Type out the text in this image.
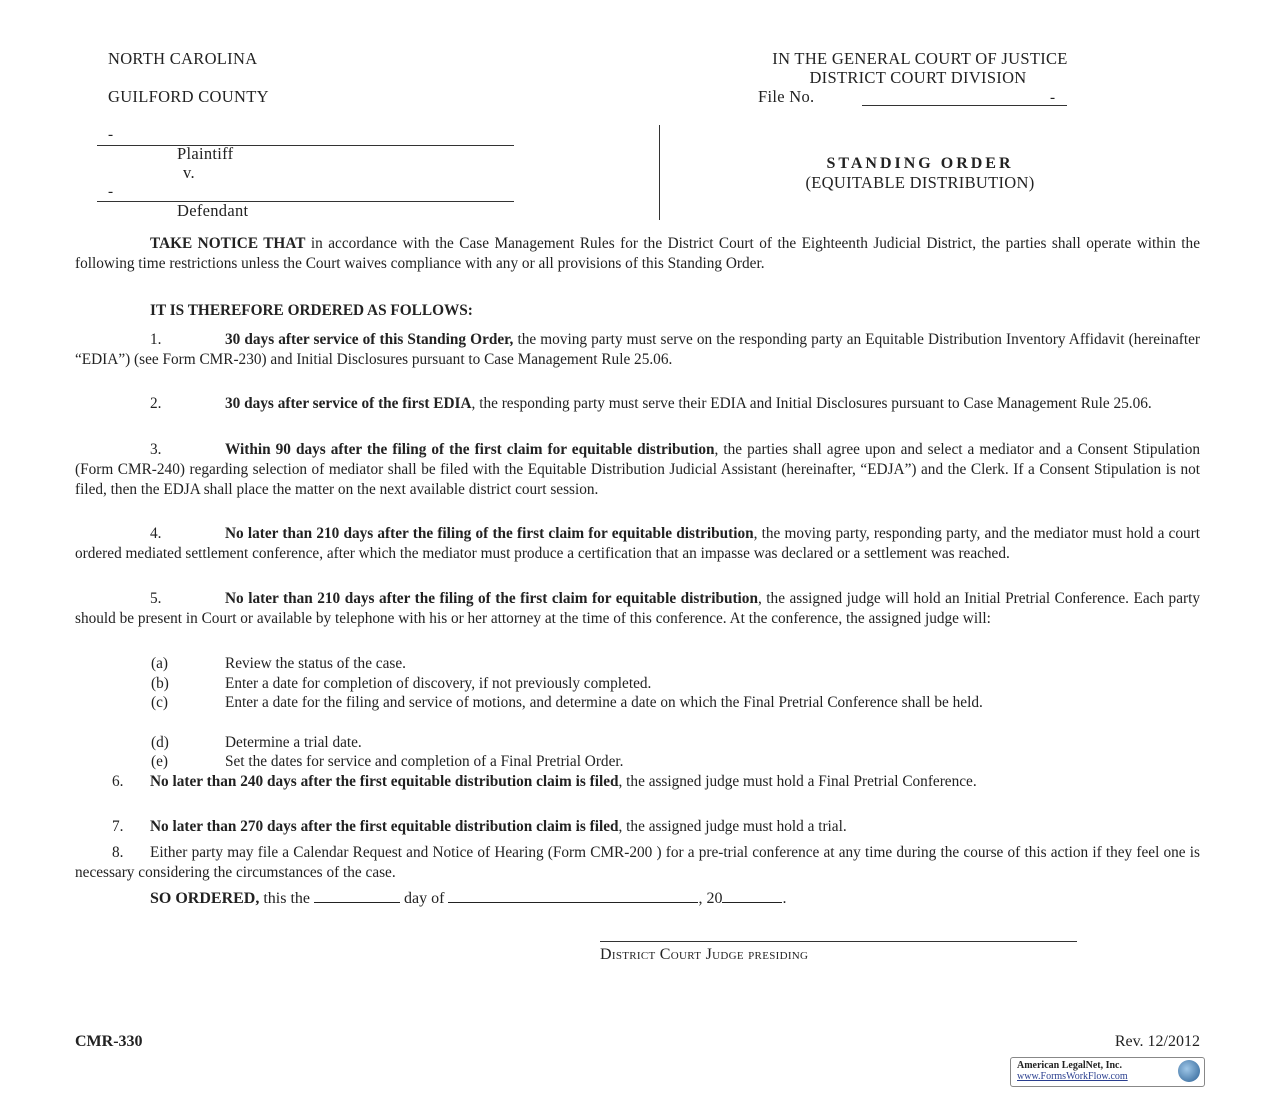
NORTH CAROLINA
GUILFORD COUNTY
IN THE GENERAL COURT OF JUSTICE
DISTRICT COURT DIVISION
File No.	-
-
Plaintiff
v.
-
Defendant
STANDING ORDER
(EQUITABLE DISTRIBUTION)
TAKE NOTICE THAT in accordance with the Case Management Rules for the District Court of the Eighteenth Judicial District, the parties shall operate within the following time restrictions unless the Court waives compliance with any or all provisions of this Standing Order.
IT IS THEREFORE ORDERED AS FOLLOWS:
1.	30 days after service of this Standing Order, the moving party must serve on the responding party an Equitable Distribution Inventory Affidavit (hereinafter “EDIA”) (see Form CMR-230) and Initial Disclosures pursuant to Case Management Rule 25.06.
2.	30 days after service of the first EDIA, the responding party must serve their EDIA and Initial Disclosures pursuant to Case Management Rule 25.06.
3.	Within 90 days after the filing of the first claim for equitable distribution, the parties shall agree upon and select a mediator and a Consent Stipulation (Form CMR-240) regarding selection of mediator shall be filed with the Equitable Distribution Judicial Assistant (hereinafter, “EDJA”) and the Clerk. If a Consent Stipulation is not filed, then the EDJA shall place the matter on the next available district court session.
4.	No later than 210 days after the filing of the first claim for equitable distribution, the moving party, responding party, and the mediator must hold a court ordered mediated settlement conference, after which the mediator must produce a certification that an impasse was declared or a settlement was reached.
5.	No later than 210 days after the filing of the first claim for equitable distribution, the assigned judge will hold an Initial Pretrial Conference. Each party should be present in Court or available by telephone with his or her attorney at the time of this conference. At the conference, the assigned judge will:
(a)	Review the status of the case.
(b)	Enter a date for completion of discovery, if not previously completed.
(c)	Enter a date for the filing and service of motions, and determine a date on which the Final Pretrial Conference shall be held.
(d)	Determine a trial date.
(e)	Set the dates for service and completion of a Final Pretrial Order.
6. No later than 240 days after the first equitable distribution claim is filed, the assigned judge must hold a Final Pretrial Conference.
7. No later than 270 days after the first equitable distribution claim is filed, the assigned judge must hold a trial.
8. Either party may file a Calendar Request and Notice of Hearing (Form CMR-200 ) for a pre-trial conference at any time during the course of this action if they feel one is necessary considering the circumstances of the case.
SO ORDERED, this the	day of	, 20	.
District Court Judge presiding
CMR-330	Rev. 12/2012
American LegalNet, Inc.
www.FormsWorkFlow.com
